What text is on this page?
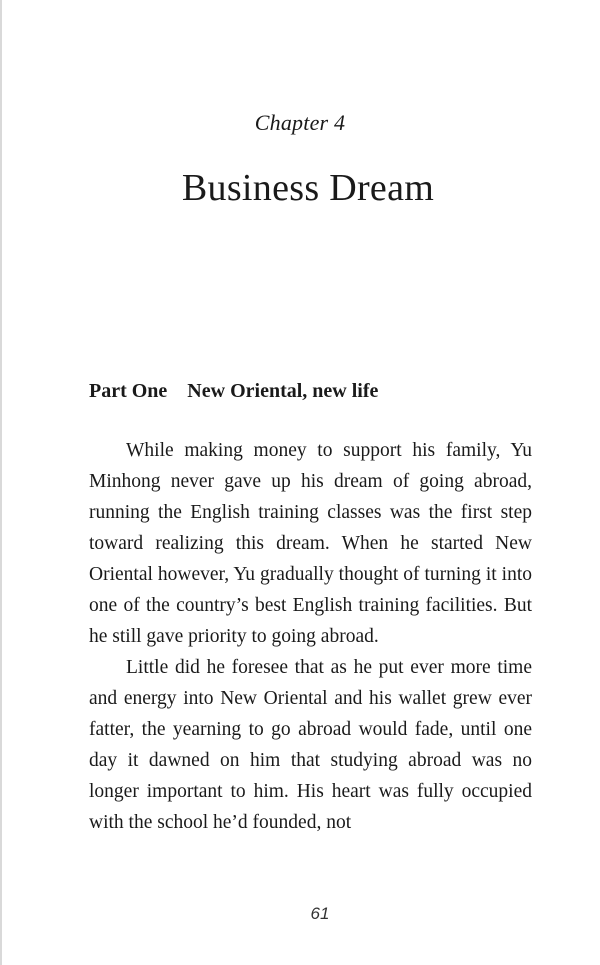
Chapter 4
Business Dream
Part One    New Oriental, new life

While making money to support his family, Yu Minhong never gave up his dream of going abroad, running the English training classes was the first step toward realizing this dream. When he started New Oriental however, Yu gradually thought of turning it into one of the country’s best English training facilities. But he still gave priority to going abroad.

Little did he foresee that as he put ever more time and energy into New Oriental and his wallet grew ever fatter, the yearning to go abroad would fade, until one day it dawned on him that studying abroad was no longer important to him. His heart was fully occupied with the school he’d founded, not

61
